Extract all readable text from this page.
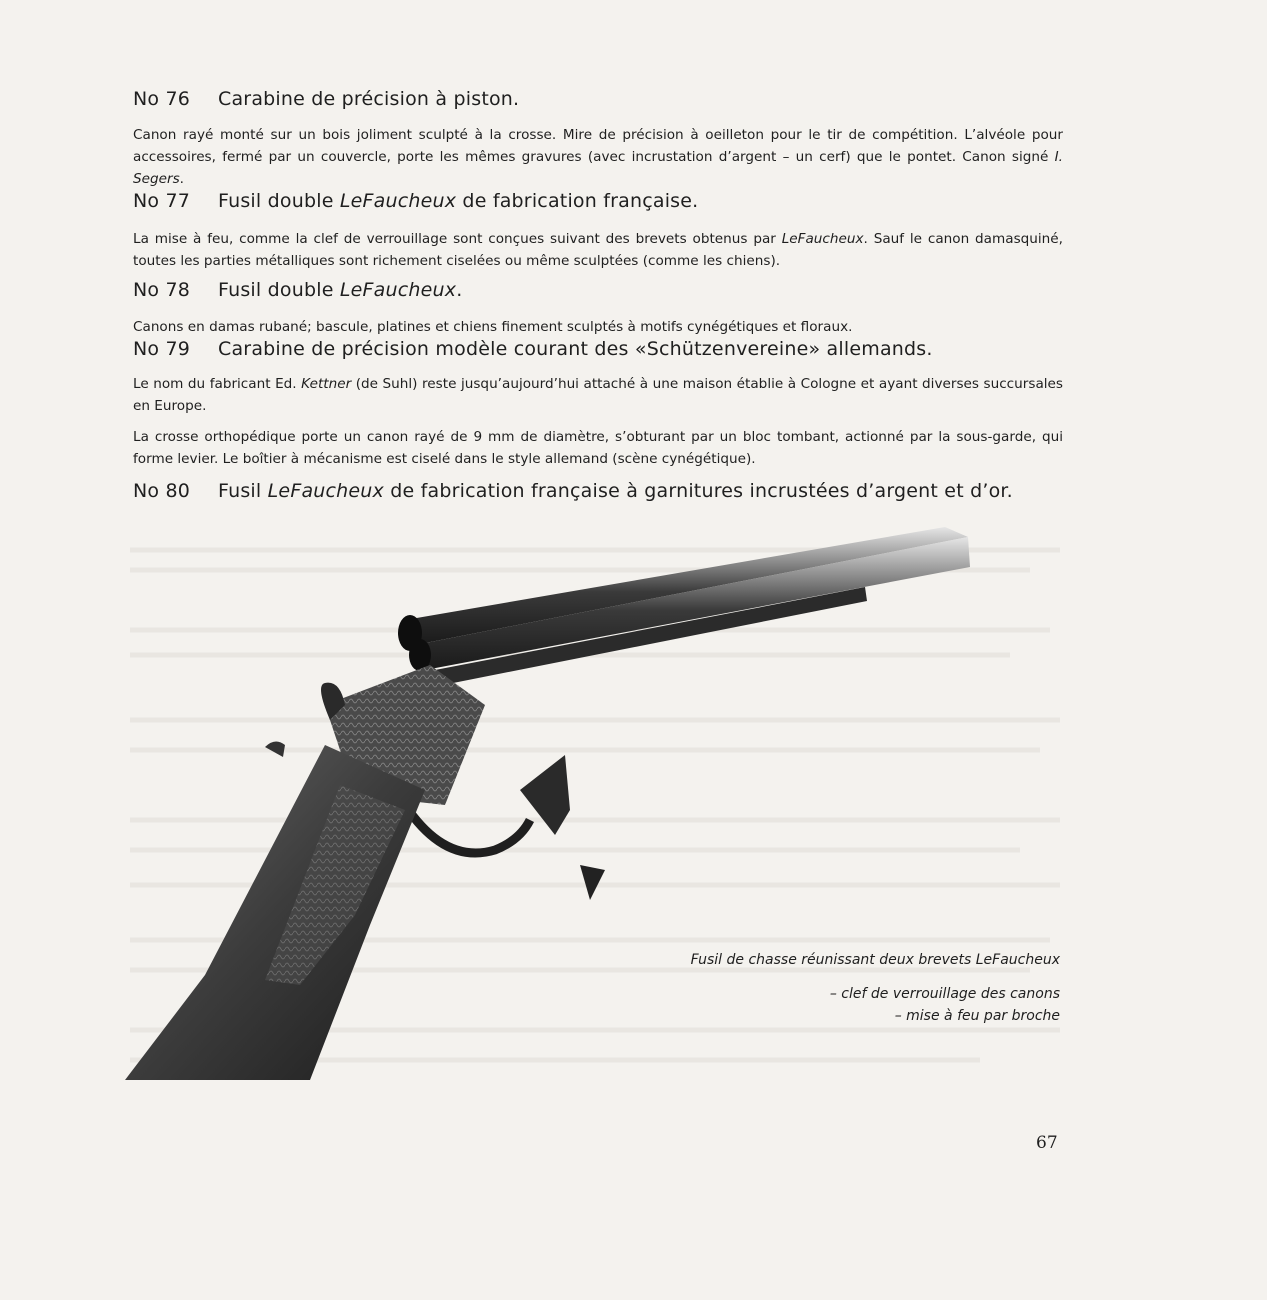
No 76 Carabine de précision à piston.

Canon rayé monté sur un bois joliment sculpté à la crosse. Mire de précision à oeilleton pour le tir de compétition. L’alvéole pour accessoires, fermé par un couvercle, porte les mêmes gravures (avec incrustation d’argent – un cerf) que le pontet. Canon signé I. Segers.

No 77 Fusil double LeFaucheux de fabrication française.

La mise à feu, comme la clef de verrouillage sont conçues suivant des brevets obtenus par LeFaucheux. Sauf le canon damasquiné, toutes les parties métalliques sont richement ciselées ou même sculptées (comme les chiens).

No 78 Fusil double LeFaucheux.

Canons en damas rubané; bascule, platines et chiens finement sculptés à motifs cynégétiques et floraux.

No 79 Carabine de précision modèle courant des «Schützenvereine» allemands.

Le nom du fabricant Ed. Kettner (de Suhl) reste jusqu’aujourd’hui attaché à une maison établie à Cologne et ayant diverses succursales en Europe.

La crosse orthopédique porte un canon rayé de 9 mm de diamètre, s’obturant par un bloc tombant, actionné par la sous-garde, qui forme levier. Le boîtier à mécanisme est ciselé dans le style allemand (scène cynégétique).

No 80 Fusil LeFaucheux de fabrication française à garnitures incrustées d’argent et d’or.

Fusil de chasse réunissant deux brevets LeFaucheux

– clef de verrouillage des canons

– mise à feu par broche

67
